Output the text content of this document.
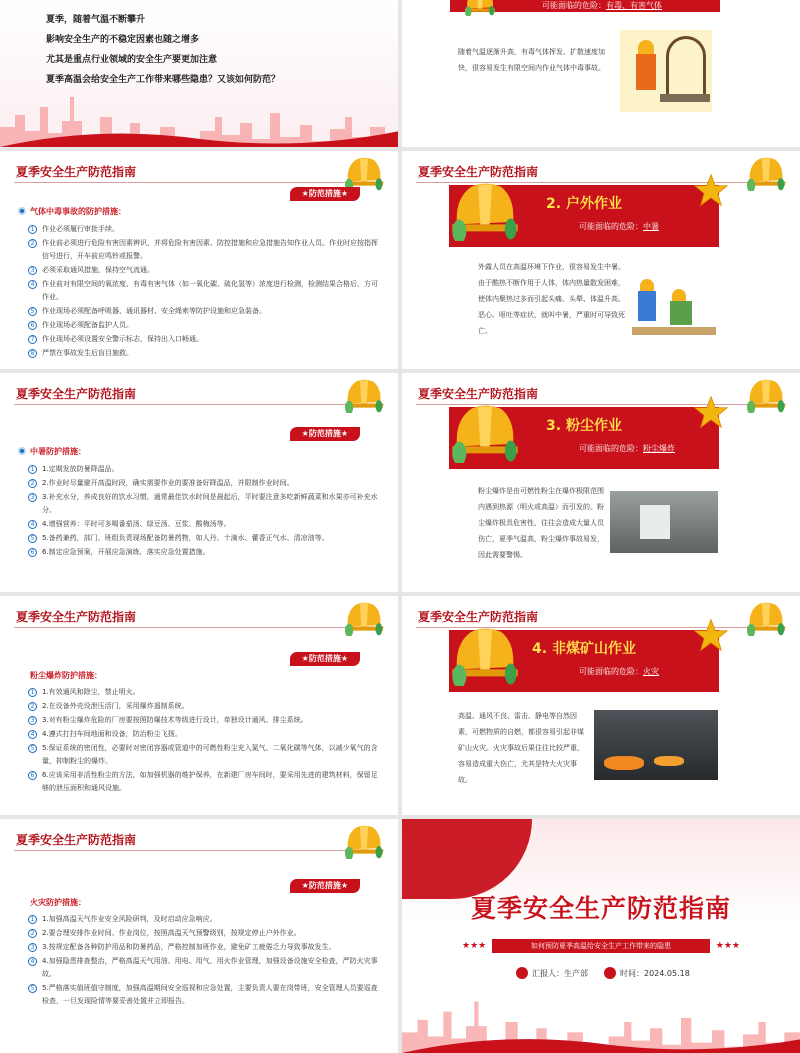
夏季，随着气温不断攀升
影响安全生产的不稳定因素也随之增多
尤其是重点行业领域的安全生产要更加注意
夏季高温会给安全生产工作带来哪些隐患？又该如何防范？
可能面临的危险：有毒、有害气体
随着气温逐渐升高，有毒气体挥发、扩散速度加快，很容易发生有限空间内作业气体中毒事故。
夏季安全生产防范指南
★防范措施★
气体中毒事故的防护措施：
1	作业必须履行审批手续。
2	作业前必须进行危险有害因素辨识，并将危险有害因素、防控措施和应急措施告知作业人员。作业时应按指挥信号进行，开车前应鸣铃或报警。
3	必须采取通风措施，保持空气流通。
4	作业前对有限空间的氧浓度、有毒有害气体（如一氧化碳、硫化氢等）浓度进行检测，检测结果合格后，方可作业。
5	作业现场必须配备呼吸器、通讯器材、安全绳索等防护设施和应急装备。
6	作业现场必须配备监护人员。
7	作业现场必须设置安全警示标志，保持出入口畅通。
8	严禁在事故发生后盲目施救。
夏季安全生产防范指南
2. 户外作业
可能面临的危险：中暑
外露人员在高温环境下作业，很容易发生中暑。由于酷热不断作用于人体，体内热量散发困难，使体内聚热过多而引起头痛、头晕、体温升高、恶心、呕吐等症状，就叫中暑，严重时可导致死亡。
夏季安全生产防范指南
★防范措施★
中暑防护措施：
1	1.定期发放防暑降温品。
2	2.作业时尽量避开高温时段，确实需要作业的要准备好降温品，并限制作业时间。
3	3.补充水分，养成良好的饮水习惯，通常最佳饮水时间是晨起后，平时要注意多吃新鲜蔬菜和水果亦可补充水分。
4	4.增强营养：平时可多喝番茄汤、绿豆汤、豆浆、酸梅汤等。
5	5.备药兼药，部门、班组负责现场配备防暑药物，如人丹、十滴水、藿香正气水、清凉油等。
6	6.制定应急预案，开展应急演练，落实应急处置措施。
夏季安全生产防范指南
3. 粉尘作业
可能面临的危险：粉尘爆炸
粉尘爆炸是由可燃性粉尘在爆炸极限范围内遇到热源（明火或高温）而引发的。粉尘爆炸极具危害性，往往会造成大量人员伤亡，夏季气温高，粉尘爆炸事故易发，因此需要警惕。
夏季安全生产防范指南
★防范措施★
粉尘爆炸防护措施：
1	1.有效通风和除尘，禁止明火。
2	2.在设备外壳设泄压活门，采用爆炸遏制系统。
3	3.对有粉尘爆炸危险的厂房要按照防爆技术等级进行设计，单独设计通风、排尘系统。
4	4.遵式打扫车间地面和设备，防治粉尘飞扬。
5	5.保证系统的密闭性，必要时对密闭容器或管道中的可燃性粉尘充入氮气、二氧化碳等气体，以减少氧气的含量，抑制粉尘的爆炸。
6	6.应该采用非活性粉尘的方法，如加强机器的维护保养，在新建厂房车间时，要采用先进的建筑材料，保留足够的泄压面积和通风设施。
夏季安全生产防范指南
4. 非煤矿山作业
可能面临的危险：火灾
高温、通风不良、雷击、静电等自然因素，可燃物质的自燃，都很容易引起非煤矿山火灾。火灾事故后果往往比较严重，容易造成重大伤亡，尤其是特大火灾事故。
夏季安全生产防范指南
★防范措施★
火灾防护措施：
1	1.加强高温天气作业安全风险研判，及时启动应急响应。
2	2.要合理安排作业时间、作业岗位，按照高温天气预警级别，按规定停止户外作业。
3	3.按规定配备各种防护用品和防暑药品，严格控制加班作业，避免矿工疲倦乏力导致事故发生。
4	4.加强隐患排查整治，严格高温天气用油、用电、用气、用火作业管理，加强设备设施安全检查，严防火灾事故。
5	5.严格落实值班值守制度，加强高温期间安全巡视和应急处置，主要负责人要在岗带班，安全管理人员要巡查检查，一旦发现险情等要妥善处置并立即报告。
夏季安全生产防范指南
★★★	如何预防夏季高温给安全生产工作带来的隐患	★★★
汇报人：生产部	时间：2024.05.18
